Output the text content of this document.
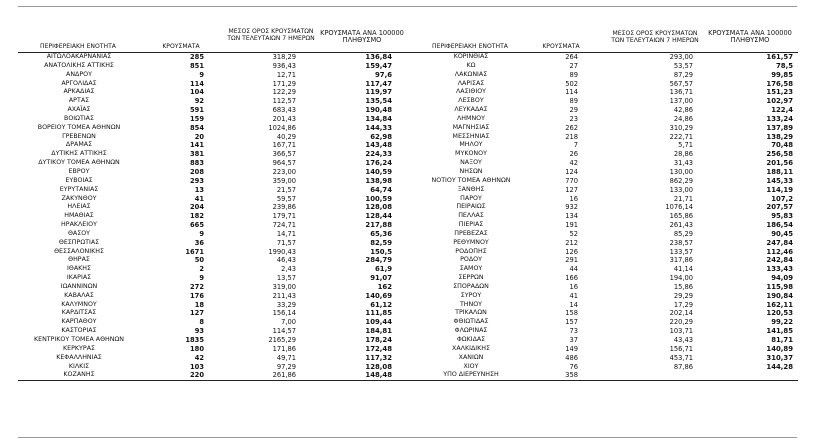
ΠΕΡΙΦΕΡΕΙΑΚΗ ΕΝΟΤΗΤΑ	ΚΡΟΥΣΜΑΤΑ
ΜΕΣΟΣ ΟΡΟΣ ΚΡΟΥΣΜΑΤΩΝ
ΤΩΝ ΤΕΛΕΥΤΑΙΩΝ 7 ΗΜΕΡΩΝ
ΚΡΟΥΣΜΑΤΑ ΑΝΑ 100000
ΠΛΗΘΥΣΜΟ
ΠΕΡΙΦΕΡΕΙΑΚΗ ΕΝΟΤΗΤΑ	ΚΡΟΥΣΜΑΤΑ
ΜΕΣΟΣ ΟΡΟΣ ΚΡΟΥΣΜΑΤΩΝ
ΤΩΝ ΤΕΛΕΥΤΑΙΩΝ 7 ΗΜΕΡΩΝ
ΚΡΟΥΣΜΑΤΑ ΑΝΑ 100000
ΠΛΗΘΥΣΜΟ
ΑΙΤΩΛΟΑΚΑΡΝΑΝΙΑΣ	285	318,29	136,84
ΑΝΑΤΟΛΙΚΗΣ ΑΤΤΙΚΗΣ	851	936,43	159,47
ΑΝΔΡΟΥ	9	12,71	97,6
ΑΡΓΟΛΙΔΑΣ	114	171,29	117,47
ΑΡΚΑΔΙΑΣ	104	122,29	119,97
ΑΡΤΑΣ	92	112,57	135,54
ΑΧΑΪΑΣ	591	683,43	190,48
ΒΟΙΩΤΙΑΣ	159	201,43	134,84
ΒΟΡΕΙΟΥ ΤΟΜΕΑ ΑΘΗΝΩΝ	854	1024,86	144,33
ΓΡΕΒΕΝΩΝ	20	40,29	62,98
ΔΡΑΜΑΣ	141	167,71	143,48
ΔΥΤΙΚΗΣ ΑΤΤΙΚΗΣ	381	366,57	224,33
ΔΥΤΙΚΟΥ ΤΟΜΕΑ ΑΘΗΝΩΝ	883	964,57	176,24
ΕΒΡΟΥ	208	223,00	140,59
ΕΥΒΟΙΑΣ	293	359,00	138,98
ΕΥΡΥΤΑΝΙΑΣ	13	21,57	64,74
ΖΑΚΥΝΘΟΥ	41	59,57	100,59
ΗΛΕΙΑΣ	204	239,86	128,08
ΗΜΑΘΙΑΣ	182	179,71	128,44
ΗΡΑΚΛΕΙΟΥ	665	724,71	217,88
ΘΑΣΟΥ	9	14,71	65,36
ΘΕΣΠΡΩΤΙΑΣ	36	71,57	82,59
ΘΕΣΣΑΛΟΝΙΚΗΣ	1671	1990,43	150,5
ΘΗΡΑΣ	50	46,43	284,79
ΙΘΑΚΗΣ	2	2,43	61,9
ΙΚΑΡΙΑΣ	9	13,57	91,07
ΙΩΑΝΝΙΝΩΝ	272	319,00	162
ΚΑΒΑΛΑΣ	176	211,43	140,69
ΚΑΛΥΜΝΟΥ	18	33,29	61,12
ΚΑΡΔΙΤΣΑΣ	127	156,14	111,85
ΚΑΡΠΑΘΟΥ	8	7,00	109,44
ΚΑΣΤΟΡΙΑΣ	93	114,57	184,81
ΚΕΝΤΡΙΚΟΥ ΤΟΜΕΑ ΑΘΗΝΩΝ	1835	2165,29	178,24
ΚΕΡΚΥΡΑΣ	180	171,86	172,48
ΚΕΦΑΛΛΗΝΙΑΣ	42	49,71	117,32
ΚΙΛΚΙΣ	103	97,29	128,08
ΚΟΖΑΝΗΣ	220	261,86	148,48
ΚΟΡΙΝΘΙΑΣ	264	293,00	161,57
ΚΩ	27	53,57	78,5
ΛΑΚΩΝΙΑΣ	89	87,29	99,85
ΛΑΡΙΣΑΣ	502	567,57	176,58
ΛΑΣΙΘΙΟΥ	114	136,71	151,23
ΛΕΣΒΟΥ	89	137,00	102,97
ΛΕΥΚΑΔΑΣ	29	42,86	122,4
ΛΗΜΝΟΥ	23	24,86	133,24
ΜΑΓΝΗΣΙΑΣ	262	310,29	137,89
ΜΕΣΣΗΝΙΑΣ	218	222,71	138,29
ΜΗΛΟΥ	7	5,71	70,48
ΜΥΚΟΝΟΥ	26	28,86	256,58
ΝΑΞΟΥ	42	31,43	201,56
ΝΗΣΩΝ	124	130,00	188,11
ΝΟΤΙΟΥ ΤΟΜΕΑ ΑΘΗΝΩΝ	770	862,29	145,33
ΞΑΝΘΗΣ	127	133,00	114,19
ΠΑΡΟΥ	16	21,71	107,2
ΠΕΙΡΑΙΩΣ	932	1076,14	207,57
ΠΕΛΛΑΣ	134	165,86	95,83
ΠΙΕΡΙΑΣ	191	261,43	186,54
ΠΡΕΒΕΖΑΣ	52	85,29	90,45
ΡΕΘΥΜΝΟΥ	212	238,57	247,84
ΡΟΔΟΠΗΣ	126	133,57	112,46
ΡΟΔΟΥ	291	317,86	242,84
ΣΑΜΟΥ	44	41,14	133,43
ΣΕΡΡΩΝ	166	194,00	94,09
ΣΠΟΡΑΔΩΝ	16	15,86	115,98
ΣΥΡΟΥ	41	29,29	190,84
ΤΗΝΟΥ	14	17,29	162,11
ΤΡΙΚΑΛΩΝ	158	202,14	120,53
ΦΘΙΩΤΙΔΑΣ	157	220,29	99,22
ΦΛΩΡΙΝΑΣ	73	103,71	141,85
ΦΩΚΙΔΑΣ	37	43,43	81,71
ΧΑΛΚΙΔΙΚΗΣ	149	156,71	140,89
ΧΑΝΙΩΝ	486	453,71	310,37
ΧΙΟΥ	76	87,86	144,28
ΥΠΟ ΔΙΕΡΕΥΝΗΣΗ	358
